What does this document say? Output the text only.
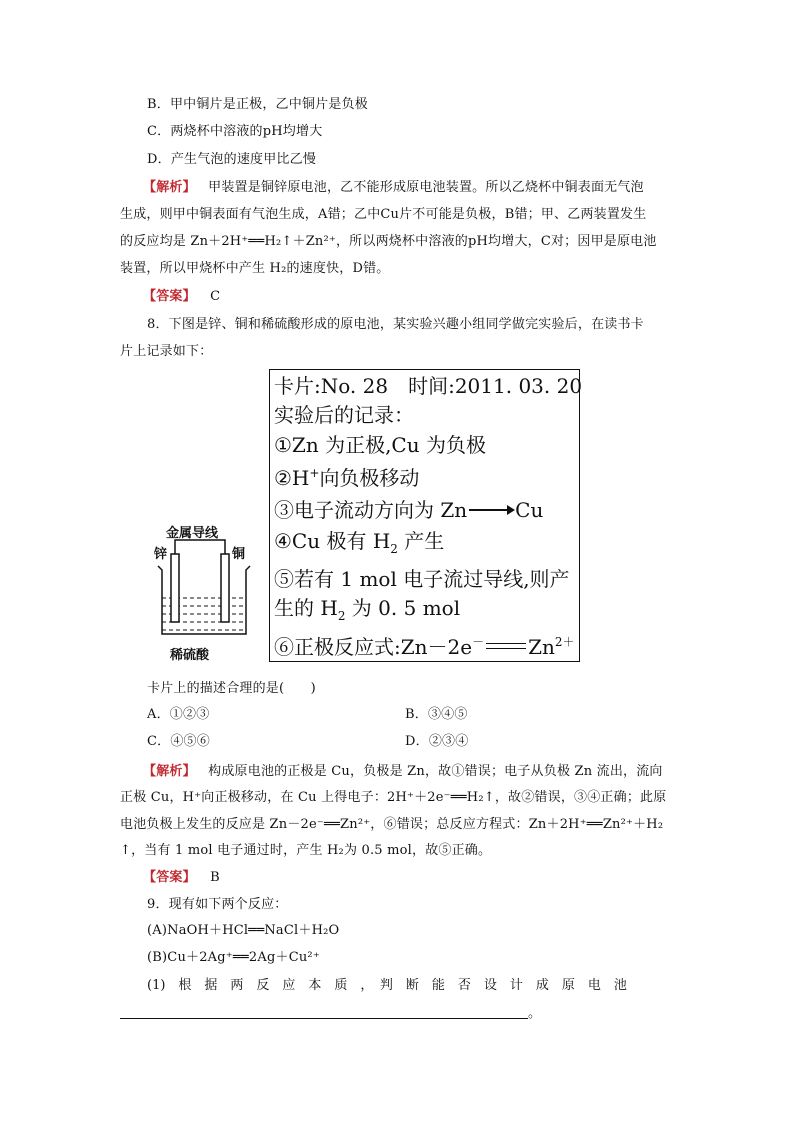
B．甲中铜片是正极，乙中铜片是负极
C．两烧杯中溶液的pH均增大
D．产生气泡的速度甲比乙慢
【解析】 甲装置是铜锌原电池，乙不能形成原电池装置。所以乙烧杯中铜表面无气泡
生成，则甲中铜表面有气泡生成，A错；乙中Cu片不可能是负极，B错；甲、乙两装置发生
的反应均是 Zn＋2H⁺══H₂↑＋Zn²⁺，所以两烧杯中溶液的pH均增大，C对；因甲是原电池
装置，所以甲烧杯中产生 H₂的速度快，D错。
【答案】 C
8．下图是锌、铜和稀硫酸形成的原电池，某实验兴趣小组同学做完实验后，在读书卡
片上记录如下：
金属导线
锌	铜
稀硫酸
卡片:No. 28　时间:2011. 03. 20
实验后的记录：
①Zn 为正极,Cu 为负极
②H+向负极移动
③电子流动方向为 Zn Cu
④Cu 极有 $H_2$ 产生
⑤若有 1 mol 电子流过导线,则产
生的 $H_2$ 为 0. 5 mol
⑥正极反应式:Zn－2e－ $Zn^{2+}$
卡片上的描述合理的是(　　)
A．①②③	B．③④⑤
C．④⑤⑥	D．②③④
【解析】 构成原电池的正极是 Cu，负极是 Zn，故①错误；电子从负极 Zn 流出，流向
正极 Cu，H⁺向正极移动，在 Cu 上得电子：2H⁺＋2e⁻══H₂↑，故②错误，③④正确；此原
电池负极上发生的反应是 Zn－2e⁻══Zn²⁺，⑥错误；总反应方程式：Zn＋2H⁺══Zn²⁺＋H₂
↑，当有 1 mol 电子通过时，产生 H₂为 0.5 mol，故⑤正确。
【答案】 B
9．现有如下两个反应：
(A)NaOH＋HCl══NaCl＋H₂O
(B)Cu＋2Ag⁺══2Ag＋Cu²⁺
(1)　根　据　两　反　应　本　质　，　判　断　能　否　设　计　成　原　电　池
。
